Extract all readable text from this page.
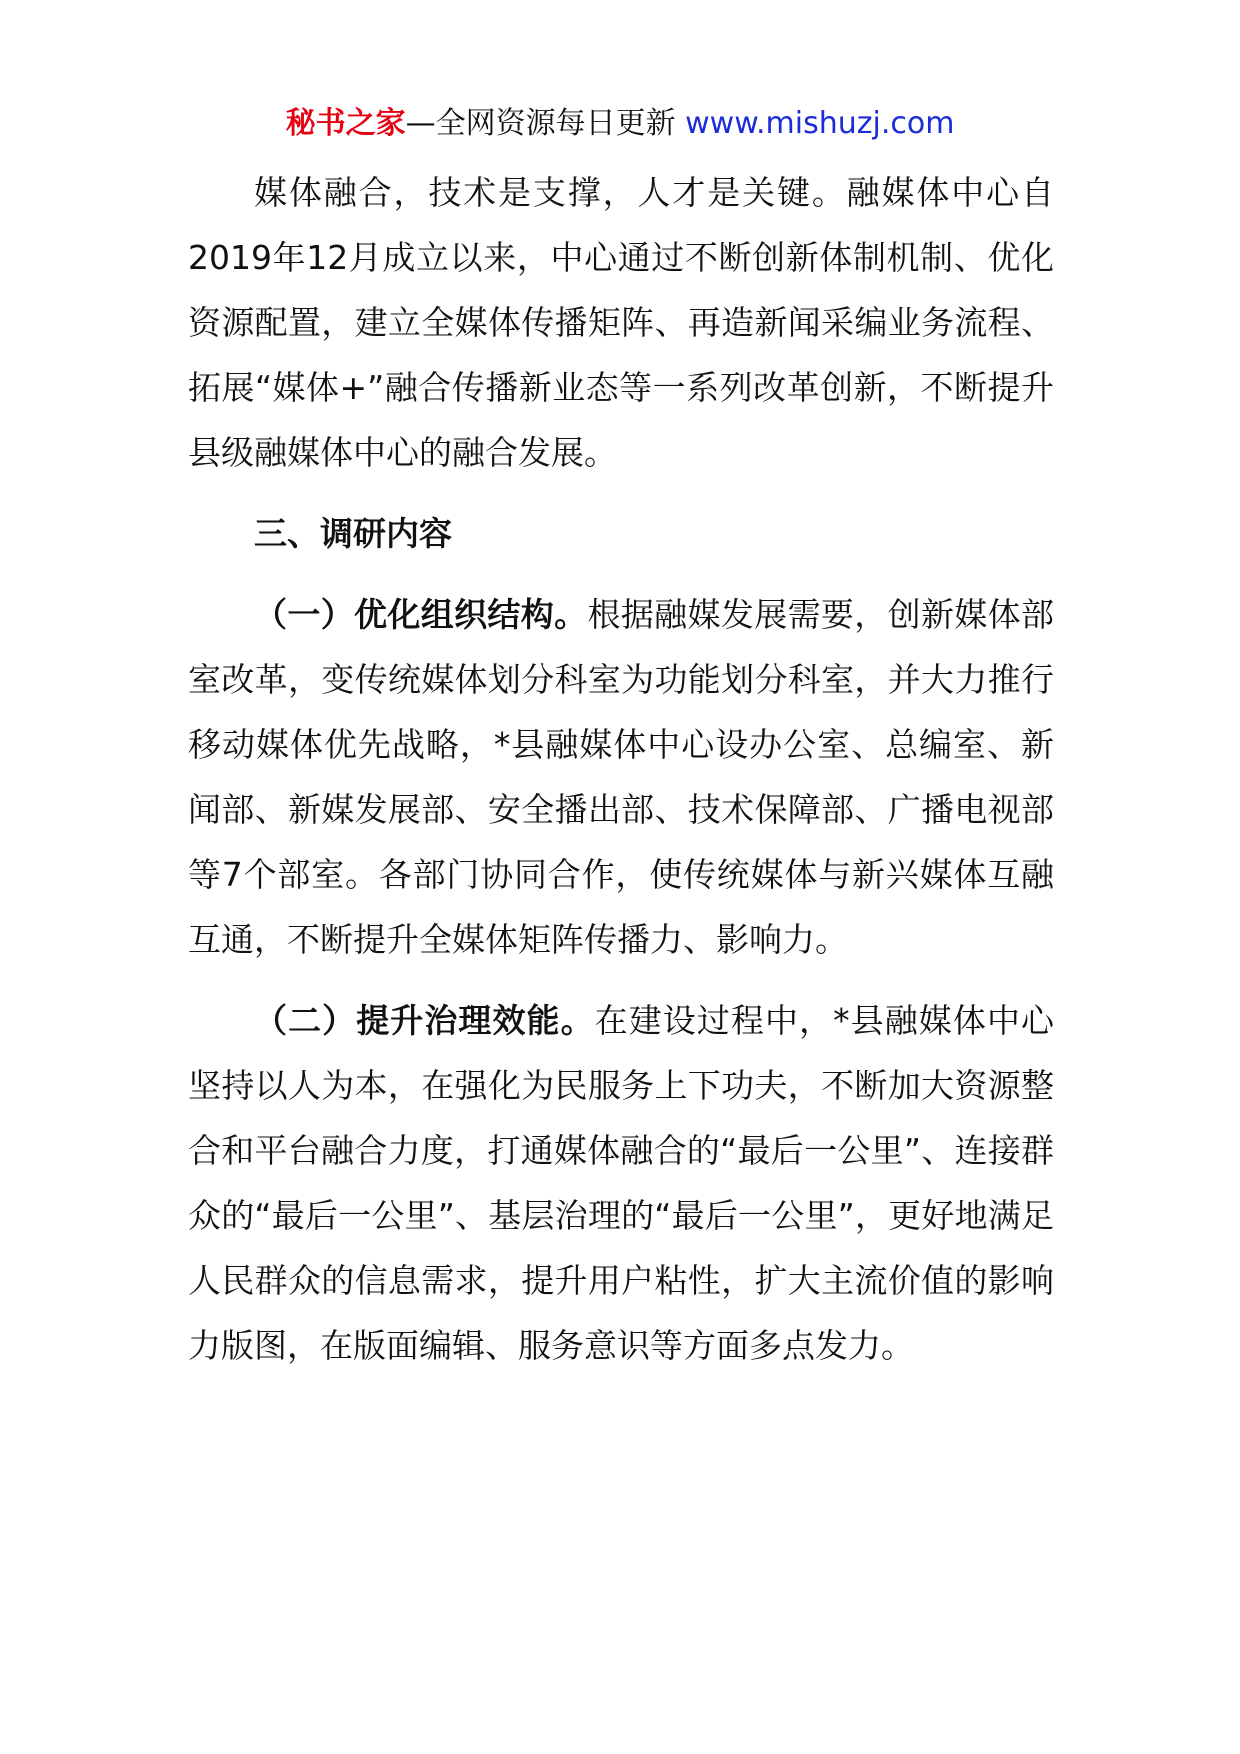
秘书之家—全网资源每日更新 www.mishuzj.com

媒体融合，技术是支撑，人才是关键。融媒体中心自2019年12月成立以来，中心通过不断创新体制机制、优化资源配置，建立全媒体传播矩阵、再造新闻采编业务流程、拓展“媒体+”融合传播新业态等一系列改革创新，不断提升县级融媒体中心的融合发展。

三、调研内容

（一）优化组织结构。根据融媒发展需要，创新媒体部室改革，变传统媒体划分科室为功能划分科室，并大力推行移动媒体优先战略，*县融媒体中心设办公室、总编室、新闻部、新媒发展部、安全播出部、技术保障部、广播电视部等7个部室。各部门协同合作，使传统媒体与新兴媒体互融互通，不断提升全媒体矩阵传播力、影响力。

（二）提升治理效能。在建设过程中，*县融媒体中心坚持以人为本，在强化为民服务上下功夫，不断加大资源整合和平台融合力度，打通媒体融合的“最后一公里”、连接群众的“最后一公里”、基层治理的“最后一公里”，更好地满足人民群众的信息需求，提升用户粘性，扩大主流价值的影响力版图，在版面编辑、服务意识等方面多点发力。
